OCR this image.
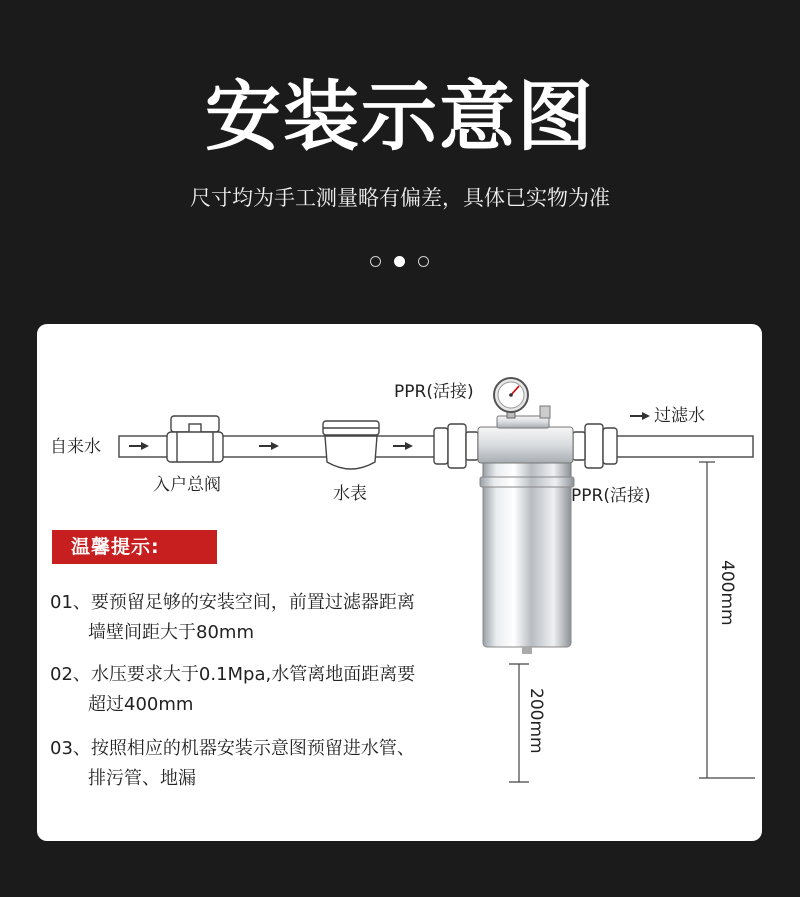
安装示意图
尺寸均为手工测量略有偏差，具体已实物为准
自来水
入户总阀	水表
PPR(活接)
PPR(活接)
过滤水
400mm
200mm
温馨提示:
01、要预留足够的安装空间，前置过滤器距离
墙壁间距大于80mm
02、水压要求大于0.1Mpa,水管离地面距离要
超过400mm
03、按照相应的机器安装示意图预留进水管、
排污管、地漏
